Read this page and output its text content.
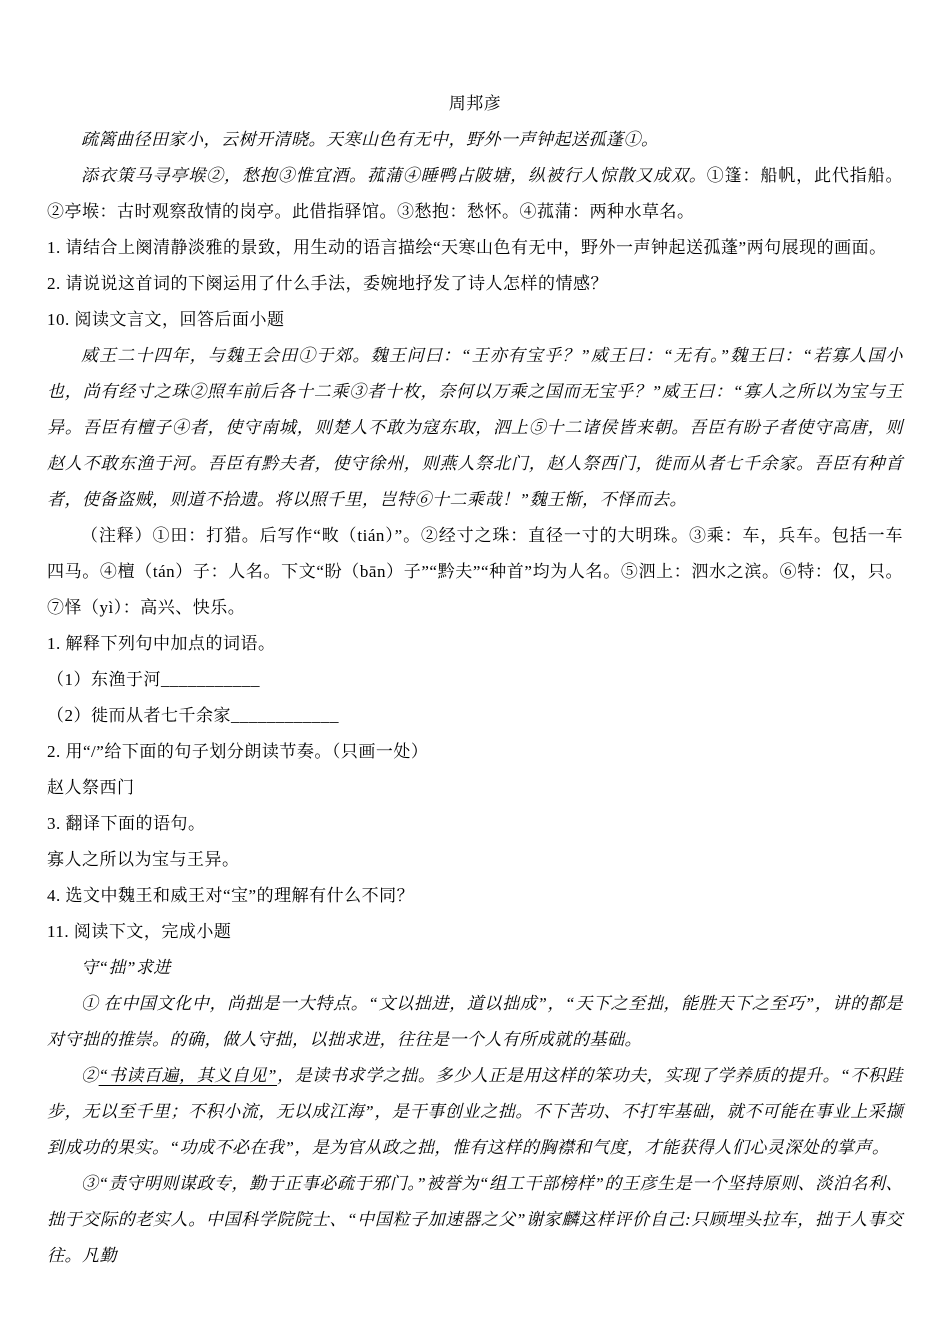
周邦彦

疏篱曲径田家小，云树开清晓。天寒山色有无中，野外一声钟起送孤蓬①。

添衣策马寻亭堠②，愁抱③惟宜酒。菰蒲④睡鸭占陂塘，纵被行人惊散又成双。①篷：船帆，此代指船。②亭堠：古时观察敌情的岗亭。此借指驿馆。③愁抱：愁怀。④菰蒲：两种水草名。

1. 请结合上阕清静淡雅的景致，用生动的语言描绘“天寒山色有无中，野外一声钟起送孤蓬”两句展现的画面。

2. 请说说这首词的下阕运用了什么手法，委婉地抒发了诗人怎样的情感？

10. 阅读文言文，回答后面小题

威王二十四年，与魏王会田①于郊。魏王问曰：“王亦有宝乎？”威王曰：“无有。”魏王曰：“若寡人国小也，尚有经寸之珠②照车前后各十二乘③者十枚，奈何以万乘之国而无宝乎？”威王曰：“寡人之所以为宝与王异。吾臣有檀子④者，使守南城，则楚人不敢为寇东取，泗上⑤十二诸侯皆来朝。吾臣有盼子者使守高唐，则赵人不敢东渔于河。吾臣有黔夫者，使守徐州，则燕人祭北门，赵人祭西门，徙而从者七千余家。吾臣有种首者，使备盗贼，则道不拾遗。将以照千里，岂特⑥十二乘哉！”魏王惭，不怿而去。

（注释）①田：打猎。后写作“畋（tián）”。②经寸之珠：直径一寸的大明珠。③乘：车，兵车。包括一车四马。④檀（tán）子：人名。下文“盼（bān）子”“黔夫”“种首”均为人名。⑤泗上：泗水之滨。⑥特：仅，只。⑦怿（yì）：高兴、快乐。

1. 解释下列句中加点的词语。

（1）东渔于河___________

（2）徙而从者七千余家____________

2. 用“/”给下面的句子划分朗读节奏。（只画一处）

赵人祭西门

3. 翻译下面的语句。

寡人之所以为宝与王异。

4. 选文中魏王和威王对“宝”的理解有什么不同？

11. 阅读下文，完成小题

守“拙”求进

① 在中国文化中，尚拙是一大特点。“文以拙进，道以拙成”，“天下之至拙，能胜天下之至巧”，讲的都是对守拙的推崇。的确，做人守拙，以拙求进，往往是一个人有所成就的基础。

②“书读百遍，其义自见”，是读书求学之拙。多少人正是用这样的笨功夫，实现了学养质的提升。“不积跬步，无以至千里；不积小流，无以成江海”，是干事创业之拙。不下苦功、不打牢基础，就不可能在事业上采撷到成功的果实。“功成不必在我”，是为官从政之拙，惟有这样的胸襟和气度，才能获得人们心灵深处的掌声。

③“责守明则谋政专，勤于正事必疏于邪门。”被誉为“组工干部榜样”的王彦生是一个坚持原则、淡泊名利、拙于交际的老实人。中国科学院院士、“中国粒子加速器之父”谢家麟这样评价自己:只顾埋头拉车，拙于人事交往。凡勤
